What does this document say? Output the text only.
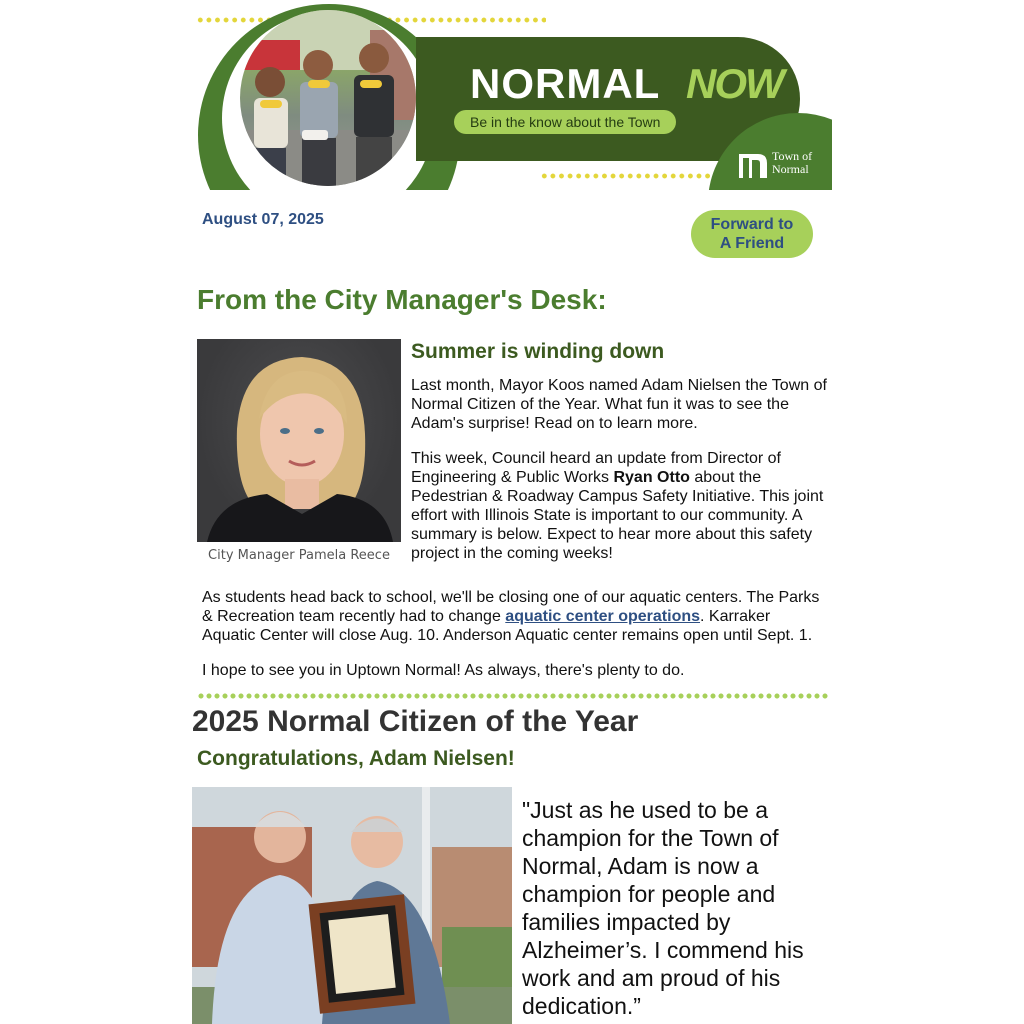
NORMAL NOW
Be in the know about the Town
Town of
Normal
August 07, 2025	Forward to
A Friend
From the City Manager's Desk:
City Manager Pamela Reece
Summer is winding down
Last month, Mayor Koos named Adam Nielsen the Town of Normal Citizen of the Year. What fun it was to see the Adam's surprise! Read on to learn more.
This week, Council heard an update from Director of Engineering & Public Works Ryan Otto about the Pedestrian & Roadway Campus Safety Initiative. This joint effort with Illinois State is important to our community. A summary is below. Expect to hear more about this safety project in the coming weeks!
As students head back to school, we'll be closing one of our aquatic centers. The Parks & Recreation team recently had to change aquatic center operations. Karraker Aquatic Center will close Aug. 10. Anderson Aquatic center remains open until Sept. 1.
I hope to see you in Uptown Normal! As always, there's plenty to do.
2025 Normal Citizen of the Year
Congratulations, Adam Nielsen!
"Just as he used to be a champion for the Town of Normal, Adam is now a champion for people and families impacted by Alzheimer’s. I commend his work and am proud of his dedication.”
